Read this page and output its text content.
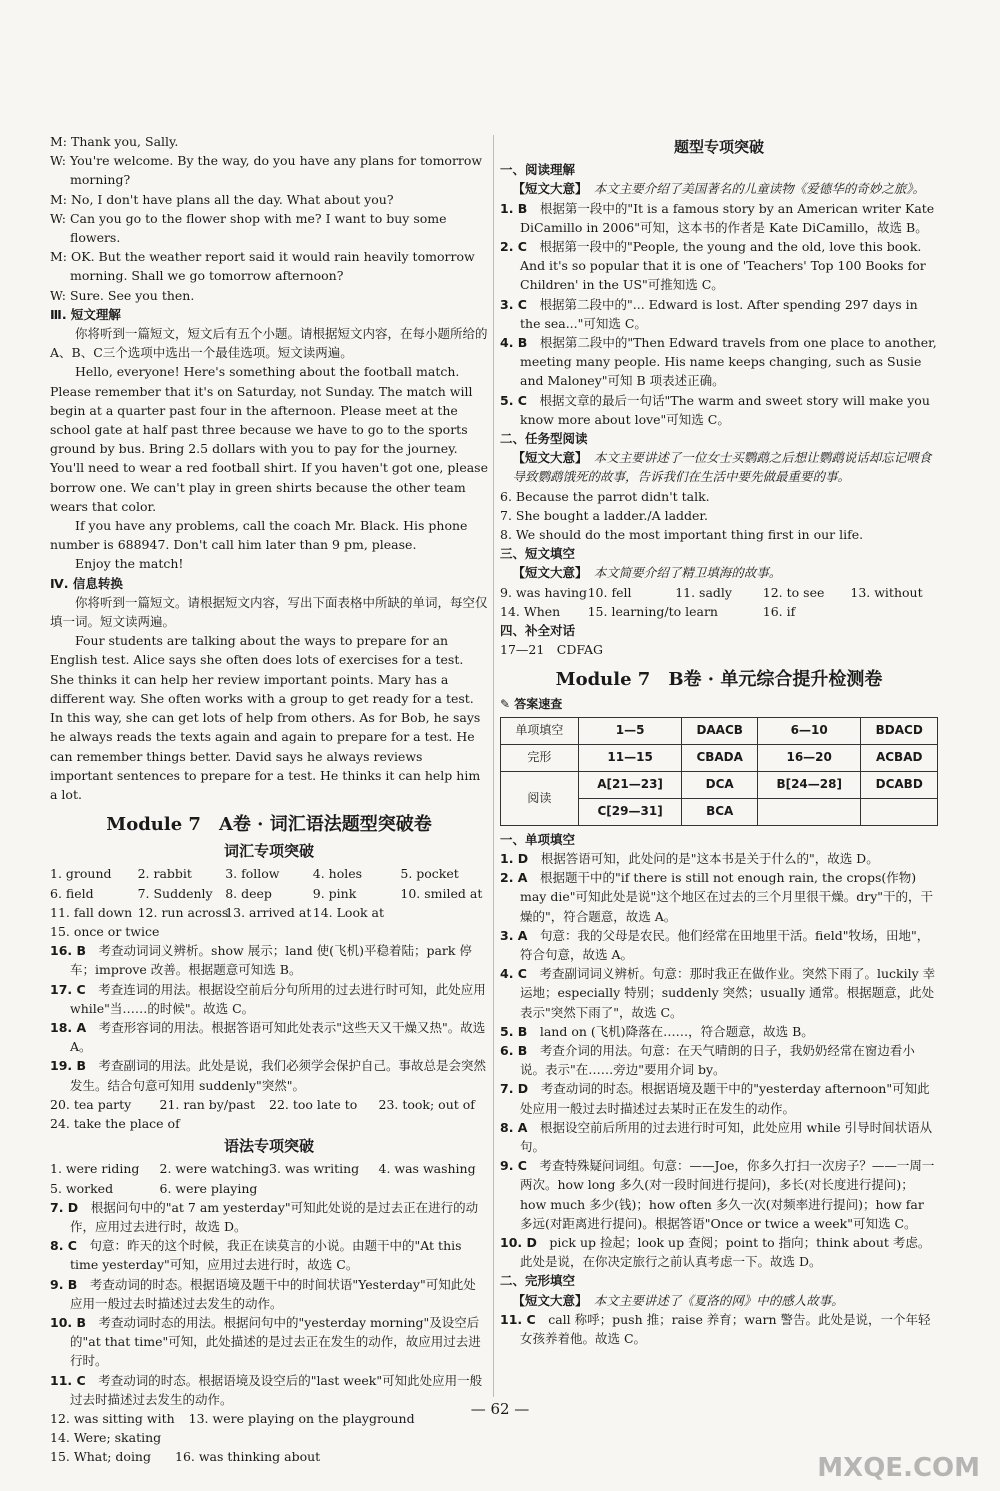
M: Thank you, Sally.

W: You're welcome. By the way, do you have any plans for tomorrow morning?

M: No, I don't have plans all the day. What about you?

W: Can you go to the flower shop with me? I want to buy some flowers.

M: OK. But the weather report said it would rain heavily tomorrow morning. Shall we go tomorrow afternoon?

W: Sure. See you then.

Ⅲ. 短文理解

你将听到一篇短文，短文后有五个小题。请根据短文内容，在每小题所给的A、B、C三个选项中选出一个最佳选项。短文读两遍。

Hello, everyone! Here's something about the football match. Please remember that it's on Saturday, not Sunday. The match will begin at a quarter past four in the afternoon. Please meet at the school gate at half past three because we have to go to the sports ground by bus. Bring 2.5 dollars with you to pay for the journey. You'll need to wear a red football shirt. If you haven't got one, please borrow one. We can't play in green shirts because the other team wears that color.

If you have any problems, call the coach Mr. Black. His phone number is 688947. Don't call him later than 9 pm, please.

Enjoy the match!

Ⅳ. 信息转换

你将听到一篇短文。请根据短文内容，写出下面表格中所缺的单词，每空仅填一词。短文读两遍。

Four students are talking about the ways to prepare for an English test. Alice says she often does lots of exercises for a test. She thinks it can help her review important points. Mary has a different way. She often works with a group to get ready for a test. In this way, she can get lots of help from others. As for Bob, he says he always reads the texts again and again to prepare for a test. He can remember things better. David says he always reviews important sentences to prepare for a test. He thinks it can help him a lot.

Module 7　A卷 · 词汇语法题型突破卷

词汇专项突破

1. ground	2. rabbit	3. follow	4. holes	5. pocket
6. field	7. Suddenly	8. deep	9. pink	10. smiled at
11. fall down 12. run across
13. arrived at 14. Look at
15. once or twice

16. B　 考查动词词义辨析。show 展示；land 使(飞机)平稳着陆；park 停车；improve 改善。根据题意可知选 B。

17. C　 考查连词的用法。根据设空前后分句所用的过去进行时可知，此处应用 while"当……的时候"。故选 C。

18. A　 考查形容词的用法。根据答语可知此处表示"这些天又干燥又热"。故选 A。

19. B　 考查副词的用法。此处是说，我们必须学会保护自己。事故总是会突然发生。结合句意可知用 suddenly"突然"。

20. tea party	21. ran by/past	22. too late to	23. took; out of

24. take the place of

语法专项突破

1. were riding	2. were watching 3. was writing	4. was washing
5. worked	6. were playing

7. D　 根据问句中的"at 7 am yesterday"可知此处说的是过去正在进行的动作，应用过去进行时，故选 D。

8. C　 句意：昨天的这个时候，我正在读莫言的小说。由题干中的"At this time yesterday"可知，应用过去进行时，故选 C。

9. B　 考查动词的时态。根据语境及题干中的时间状语"Yesterday"可知此处应用一般过去时描述过去发生的动作。

10. B　 考查动词时态的用法。根据问句中的"yesterday morning"及设空后的"at that time"可知，此处描述的是过去正在发生的动作，故应用过去进行时。

11. C　 考查动词的时态。根据语境及设空后的"last week"可知此处应用一般过去时描述过去发生的动作。

12. was sitting with 13. were playing on the playground14. Were; skating
15. What; doing 16. was thinking about

题型专项突破

一、阅读理解

【短文大意】　 本文主要介绍了美国著名的儿童读物《爱德华的奇妙之旅》。

1. B　 根据第一段中的"It is a famous story by an American writer Kate DiCamillo in 2006"可知，这本书的作者是 Kate DiCamillo，故选 B。

2. C　 根据第一段中的"People, the young and the old, love this book. And it's so popular that it is one of 'Teachers' Top 100 Books for Children' in the US"可推知选 C。

3. C　 根据第二段中的"... Edward is lost. After spending 297 days in the sea..."可知选 C。

4. B　 根据第二段中的"Then Edward travels from one place to another, meeting many people. His name keeps changing, such as Susie and Maloney"可知 B 项表述正确。

5. C　 根据文章的最后一句话"The warm and sweet story will make you know more about love"可知选 C。

二、任务型阅读

【短文大意】　 本文主要讲述了一位女士买鹦鹉之后想让鹦鹉说话却忘记喂食导致鹦鹉饿死的故事，告诉我们在生活中要先做最重要的事。

6. Because the parrot didn't talk.

7. She bought a ladder./A ladder.

8. We should do the most important thing first in our life.

三、短文填空

【短文大意】　 本文简要介绍了精卫填海的故事。

9. was having 10. fell	11. sadly	12. to see	13. without
14. When	15. learning/to learn	16. if

四、补全对话

17—21　CDFAG

Module 7　B卷 · 单元综合提升检测卷

✎ 答案速查

单项填空	1—5	DAACB	6—10	BDACD
完形	11—15	CBADA	16—20	ACBAD
阅读	A[21—23]	DCA	B[24—28]	DCABD
	C[29—31]	BCA		

一、单项填空

1. D　 根据答语可知，此处问的是"这本书是关于什么的"，故选 D。

2. A　 根据题干中的"if there is still not enough rain, the crops(作物) may die"可知此处是说"这个地区在过去的三个月里很干燥。dry"干的，干燥的"，符合题意，故选 A。

3. A　 句意：我的父母是农民。他们经常在田地里干活。field"牧场，田地"，符合句意，故选 A。

4. C　 考查副词词义辨析。句意：那时我正在做作业。突然下雨了。luckily 幸运地；especially 特别；suddenly 突然；usually 通常。根据题意，此处表示"突然下雨了"，故选 C。

5. B　 land on (飞机)降落在……，符合题意，故选 B。

6. B　 考查介词的用法。句意：在天气晴朗的日子，我奶奶经常在窗边看小说。表示"在……旁边"要用介词 by。

7. D　 考查动词的时态。根据语境及题干中的"yesterday afternoon"可知此处应用一般过去时描述过去某时正在发生的动作。

8. A　 根据设空前后所用的过去进行时可知，此处应用 while 引导时间状语从句。

9. C　 考查特殊疑问词组。句意：——Joe，你多久打扫一次房子？——一周一两次。how long 多久(对一段时间进行提问)，多长(对长度进行提问)；how much 多少(钱)；how often 多久一次(对频率进行提问)；how far 多远(对距离进行提问)。根据答语"Once or twice a week"可知选 C。

10. D　 pick up 捡起；look up 查阅；point to 指向；think about 考虑。此处是说，在你决定旅行之前认真考虑一下。故选 D。

二、完形填空

【短文大意】　 本文主要讲述了《夏洛的网》中的感人故事。

11. C　 call 称呼；push 推；raise 养育；warn 警告。此处是说，一个年轻女孩养着他。故选 C。

— 62 —
MXQE.COM
